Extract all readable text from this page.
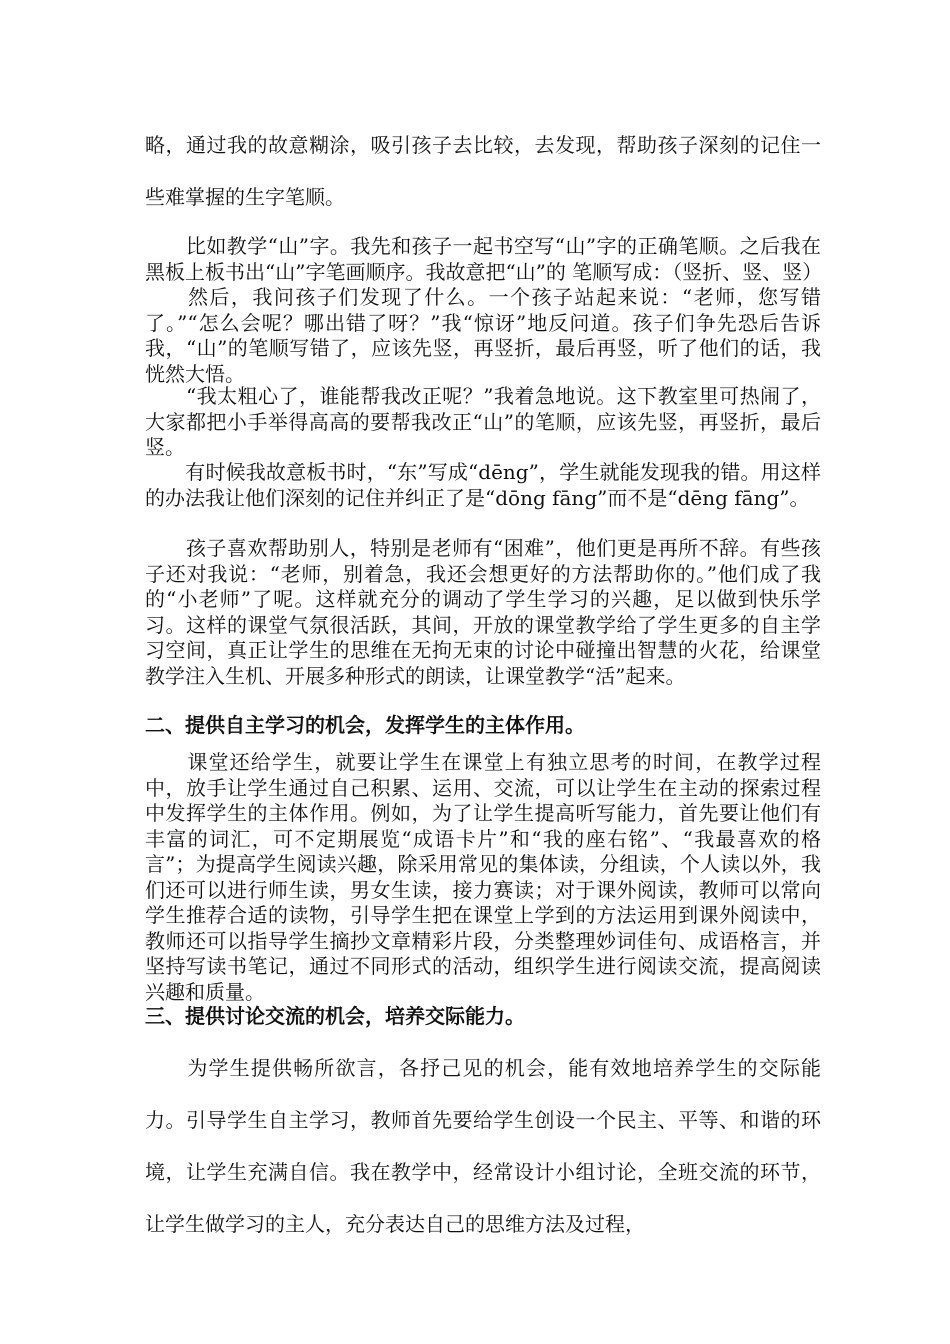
略，通过我的故意糊涂，吸引孩子去比较，去发现，帮助孩子深刻的记住一些难掌握的生字笔顺。

　　比如教学“山”字。我先和孩子一起书空写“山”字的正确笔顺。之后我在黑板上板书出“山”字笔画顺序。我故意把“山”的 笔顺写成：（竖折、竖、竖）

　　然后，我问孩子们发现了什么。一个孩子站起来说：“老师，您写错了。”“怎么会呢？哪出错了呀？”我“惊讶”地反问道。孩子们争先恐后告诉我，“山”的笔顺写错了，应该先竖，再竖折，最后再竖，听了他们的话，我恍然大悟。

　　“我太粗心了，谁能帮我改正呢？”我着急地说。这下教室里可热闹了，大家都把小手举得高高的要帮我改正“山”的笔顺，应该先竖，再竖折，最后竖。

　　有时候我故意板书时，“东”写成“dēng”，学生就能发现我的错。用这样的办法我让他们深刻的记住并纠正了是“dōng fāng”而不是“dēng fāng”。

　　孩子喜欢帮助别人，特别是老师有“困难”，他们更是再所不辞。有些孩子还对我说：“老师，别着急，我还会想更好的方法帮助你的。”他们成了我的“小老师”了呢。这样就充分的调动了学生学习的兴趣，足以做到快乐学习。这样的课堂气氛很活跃，其间，开放的课堂教学给了学生更多的自主学习空间，真正让学生的思维在无拘无束的讨论中碰撞出智慧的火花，给课堂教学注入生机、开展多种形式的朗读，让课堂教学“活”起来。

二、提供自主学习的机会，发挥学生的主体作用。

　　课堂还给学生，就要让学生在课堂上有独立思考的时间，在教学过程中，放手让学生通过自己积累、运用、交流，可以让学生在主动的探索过程中发挥学生的主体作用。例如，为了让学生提高听写能力，首先要让他们有丰富的词汇，可不定期展览“成语卡片”和“我的座右铭”、“我最喜欢的格言”；为提高学生阅读兴趣，除采用常见的集体读，分组读，个人读以外，我们还可以进行师生读，男女生读，接力赛读；对于课外阅读，教师可以常向学生推荐合适的读物，引导学生把在课堂上学到的方法运用到课外阅读中，教师还可以指导学生摘抄文章精彩片段，分类整理妙词佳句、成语格言，并坚持写读书笔记，通过不同形式的活动，组织学生进行阅读交流，提高阅读兴趣和质量。

三、提供讨论交流的机会，培养交际能力。

　　为学生提供畅所欲言，各抒己见的机会，能有效地培养学生的交际能力。引导学生自主学习，教师首先要给学生创设一个民主、平等、和谐的环境，让学生充满自信。我在教学中，经常设计小组讨论，全班交流的环节，让学生做学习的主人，充分表达自己的思维方法及过程，
